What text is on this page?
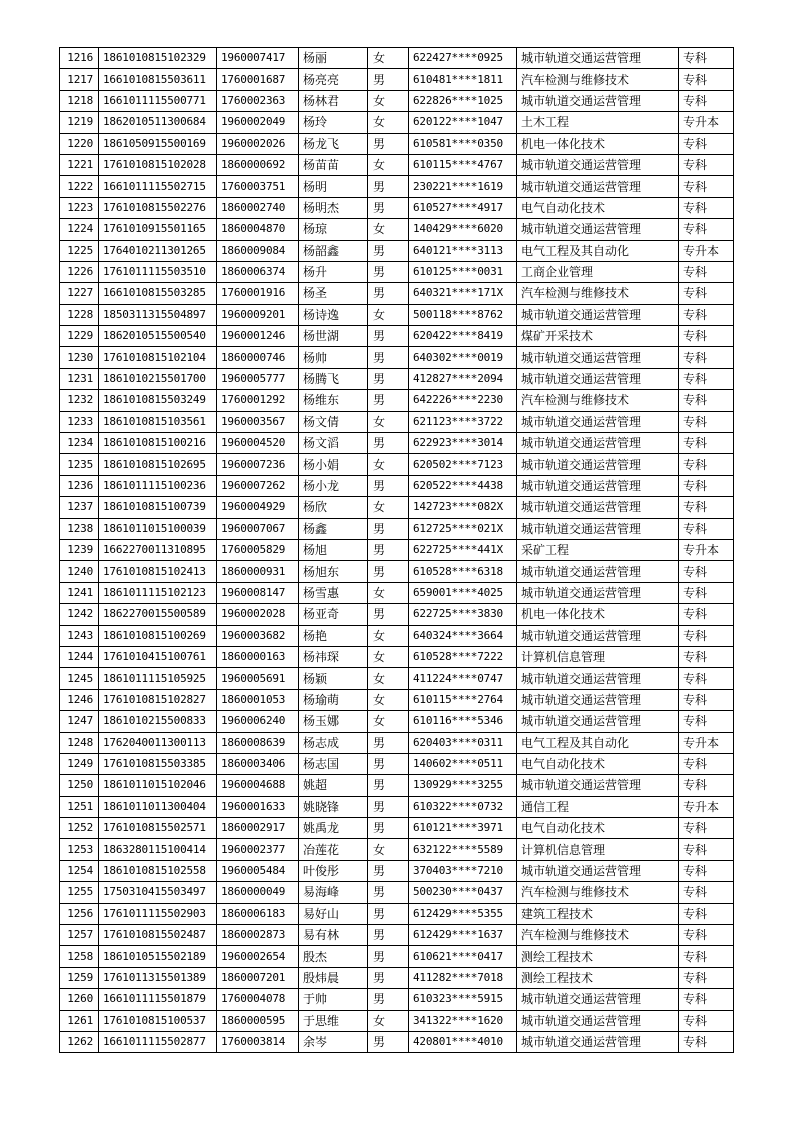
1216	1861010815102329	1960007417	杨丽	女	622427****0925	城市轨道交通运营管理	专科
1217	1661010815503611	1760001687	杨亮亮	男	610481****1811	汽车检测与维修技术	专科
1218	1661011115500771	1760002363	杨林君	女	622826****1025	城市轨道交通运营管理	专科
1219	1862010511300684	1960002049	杨玲	女	620122****1047	土木工程	专升本
1220	1861050915500169	1960002026	杨龙飞	男	610581****0350	机电一体化技术	专科
1221	1761010815102028	1860000692	杨苗苗	女	610115****4767	城市轨道交通运营管理	专科
1222	1661011115502715	1760003751	杨明	男	230221****1619	城市轨道交通运营管理	专科
1223	1761010815502276	1860002740	杨明杰	男	610527****4917	电气自动化技术	专科
1224	1761010915501165	1860004870	杨琼	女	140429****6020	城市轨道交通运营管理	专科
1225	1764010211301265	1860009084	杨韶鑫	男	640121****3113	电气工程及其自动化	专升本
1226	1761011115503510	1860006374	杨升	男	610125****0031	工商企业管理	专科
1227	1661010815503285	1760001916	杨圣	男	640321****171X	汽车检测与维修技术	专科
1228	1850311315504897	1960009201	杨诗逸	女	500118****8762	城市轨道交通运营管理	专科
1229	1862010515500540	1960001246	杨世湖	男	620422****8419	煤矿开采技术	专科
1230	1761010815102104	1860000746	杨帅	男	640302****0019	城市轨道交通运营管理	专科
1231	1861010215501700	1960005777	杨腾飞	男	412827****2094	城市轨道交通运营管理	专科
1232	1861010815503249	1760001292	杨维东	男	642226****2230	汽车检测与维修技术	专科
1233	1861010815103561	1960003567	杨文倩	女	621123****3722	城市轨道交通运营管理	专科
1234	1861010815100216	1960004520	杨文滔	男	622923****3014	城市轨道交通运营管理	专科
1235	1861010815102695	1960007236	杨小娟	女	620502****7123	城市轨道交通运营管理	专科
1236	1861011115100236	1960007262	杨小龙	男	620522****4438	城市轨道交通运营管理	专科
1237	1861010815100739	1960004929	杨欣	女	142723****082X	城市轨道交通运营管理	专科
1238	1861011015100039	1960007067	杨鑫	男	612725****021X	城市轨道交通运营管理	专科
1239	1662270011310895	1760005829	杨旭	男	622725****441X	采矿工程	专升本
1240	1761010815102413	1860000931	杨旭东	男	610528****6318	城市轨道交通运营管理	专科
1241	1861011115102123	1960008147	杨雪惠	女	659001****4025	城市轨道交通运营管理	专科
1242	1862270015500589	1960002028	杨亚奇	男	622725****3830	机电一体化技术	专科
1243	1861010815100269	1960003682	杨艳	女	640324****3664	城市轨道交通运营管理	专科
1244	1761010415100761	1860000163	杨祎琛	女	610528****7222	计算机信息管理	专科
1245	1861011115105925	1960005691	杨颖	女	411224****0747	城市轨道交通运营管理	专科
1246	1761010815102827	1860001053	杨瑜萌	女	610115****2764	城市轨道交通运营管理	专科
1247	1861010215500833	1960006240	杨玉娜	女	610116****5346	城市轨道交通运营管理	专科
1248	1762040011300113	1860008639	杨志成	男	620403****0311	电气工程及其自动化	专升本
1249	1761010815503385	1860003406	杨志国	男	140602****0511	电气自动化技术	专科
1250	1861011015102046	1960004688	姚超	男	130929****3255	城市轨道交通运营管理	专科
1251	1861011011300404	1960001633	姚晓锋	男	610322****0732	通信工程	专升本
1252	1761010815502571	1860002917	姚禹龙	男	610121****3971	电气自动化技术	专科
1253	1863280115100414	1960002377	冶莲花	女	632122****5589	计算机信息管理	专科
1254	1861010815102558	1960005484	叶俊彤	男	370403****7210	城市轨道交通运营管理	专科
1255	1750310415503497	1860000049	易海峰	男	500230****0437	汽车检测与维修技术	专科
1256	1761011115502903	1860006183	易好山	男	612429****5355	建筑工程技术	专科
1257	1761010815502487	1860002873	易有林	男	612429****1637	汽车检测与维修技术	专科
1258	1861010515502189	1960002654	殷杰	男	610621****0417	测绘工程技术	专科
1259	1761011315501389	1860007201	殷炜晨	男	411282****7018	测绘工程技术	专科
1260	1661011115501879	1760004078	于帅	男	610323****5915	城市轨道交通运营管理	专科
1261	1761010815100537	1860000595	于思维	女	341322****1620	城市轨道交通运营管理	专科
1262	1661011115502877	1760003814	余岑	男	420801****4010	城市轨道交通运营管理	专科
